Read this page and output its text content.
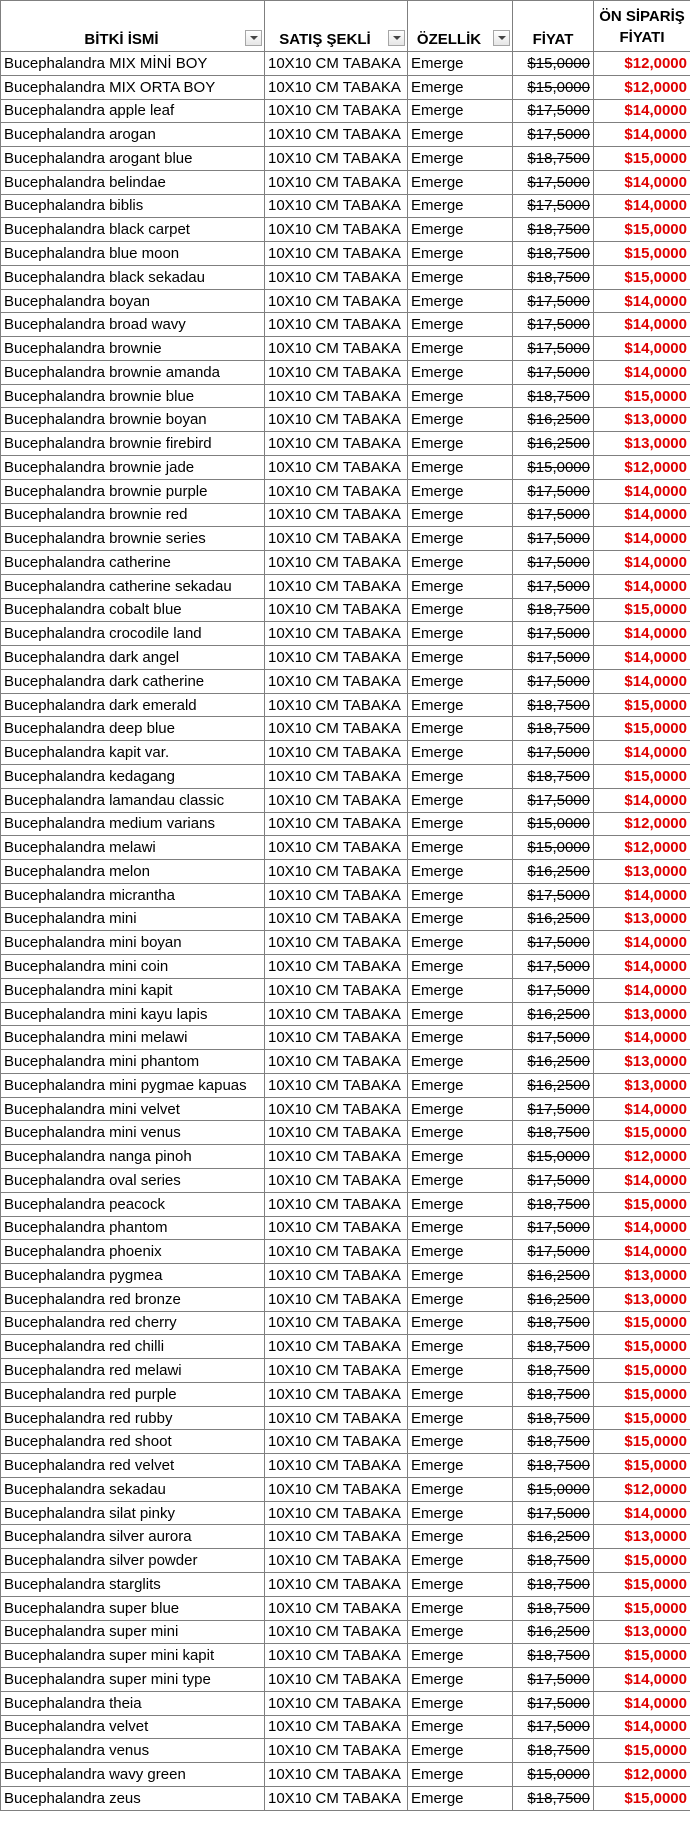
BİTKİ İSMİ	SATIŞ ŞEKLİ	ÖZELLİK	FİYAT	ÖN SİPARİŞ
FİYATI
Bucephalandra MIX MİNİ BOY	10X10 CM TABAKA	Emerge	$15,0000	$12,0000
Bucephalandra MIX ORTA BOY	10X10 CM TABAKA	Emerge	$15,0000	$12,0000
Bucephalandra apple leaf	10X10 CM TABAKA	Emerge	$17,5000	$14,0000
Bucephalandra arogan	10X10 CM TABAKA	Emerge	$17,5000	$14,0000
Bucephalandra arogant blue	10X10 CM TABAKA	Emerge	$18,7500	$15,0000
Bucephalandra belindae	10X10 CM TABAKA	Emerge	$17,5000	$14,0000
Bucephalandra biblis	10X10 CM TABAKA	Emerge	$17,5000	$14,0000
Bucephalandra black carpet	10X10 CM TABAKA	Emerge	$18,7500	$15,0000
Bucephalandra blue moon	10X10 CM TABAKA	Emerge	$18,7500	$15,0000
Bucephalandra black sekadau	10X10 CM TABAKA	Emerge	$18,7500	$15,0000
Bucephalandra boyan	10X10 CM TABAKA	Emerge	$17,5000	$14,0000
Bucephalandra broad wavy	10X10 CM TABAKA	Emerge	$17,5000	$14,0000
Bucephalandra brownie	10X10 CM TABAKA	Emerge	$17,5000	$14,0000
Bucephalandra brownie amanda	10X10 CM TABAKA	Emerge	$17,5000	$14,0000
Bucephalandra brownie blue	10X10 CM TABAKA	Emerge	$18,7500	$15,0000
Bucephalandra brownie boyan	10X10 CM TABAKA	Emerge	$16,2500	$13,0000
Bucephalandra brownie firebird	10X10 CM TABAKA	Emerge	$16,2500	$13,0000
Bucephalandra brownie jade	10X10 CM TABAKA	Emerge	$15,0000	$12,0000
Bucephalandra brownie purple	10X10 CM TABAKA	Emerge	$17,5000	$14,0000
Bucephalandra brownie red	10X10 CM TABAKA	Emerge	$17,5000	$14,0000
Bucephalandra brownie series	10X10 CM TABAKA	Emerge	$17,5000	$14,0000
Bucephalandra catherine	10X10 CM TABAKA	Emerge	$17,5000	$14,0000
Bucephalandra catherine sekadau	10X10 CM TABAKA	Emerge	$17,5000	$14,0000
Bucephalandra cobalt blue	10X10 CM TABAKA	Emerge	$18,7500	$15,0000
Bucephalandra crocodile land	10X10 CM TABAKA	Emerge	$17,5000	$14,0000
Bucephalandra dark angel	10X10 CM TABAKA	Emerge	$17,5000	$14,0000
Bucephalandra dark catherine	10X10 CM TABAKA	Emerge	$17,5000	$14,0000
Bucephalandra dark emerald	10X10 CM TABAKA	Emerge	$18,7500	$15,0000
Bucephalandra deep blue	10X10 CM TABAKA	Emerge	$18,7500	$15,0000
Bucephalandra kapit var.	10X10 CM TABAKA	Emerge	$17,5000	$14,0000
Bucephalandra kedagang	10X10 CM TABAKA	Emerge	$18,7500	$15,0000
Bucephalandra lamandau classic	10X10 CM TABAKA	Emerge	$17,5000	$14,0000
Bucephalandra medium varians	10X10 CM TABAKA	Emerge	$15,0000	$12,0000
Bucephalandra melawi	10X10 CM TABAKA	Emerge	$15,0000	$12,0000
Bucephalandra melon	10X10 CM TABAKA	Emerge	$16,2500	$13,0000
Bucephalandra micrantha	10X10 CM TABAKA	Emerge	$17,5000	$14,0000
Bucephalandra mini	10X10 CM TABAKA	Emerge	$16,2500	$13,0000
Bucephalandra mini boyan	10X10 CM TABAKA	Emerge	$17,5000	$14,0000
Bucephalandra mini coin	10X10 CM TABAKA	Emerge	$17,5000	$14,0000
Bucephalandra mini kapit	10X10 CM TABAKA	Emerge	$17,5000	$14,0000
Bucephalandra mini kayu lapis	10X10 CM TABAKA	Emerge	$16,2500	$13,0000
Bucephalandra mini melawi	10X10 CM TABAKA	Emerge	$17,5000	$14,0000
Bucephalandra mini phantom	10X10 CM TABAKA	Emerge	$16,2500	$13,0000
Bucephalandra mini pygmae kapuas	10X10 CM TABAKA	Emerge	$16,2500	$13,0000
Bucephalandra mini velvet	10X10 CM TABAKA	Emerge	$17,5000	$14,0000
Bucephalandra mini venus	10X10 CM TABAKA	Emerge	$18,7500	$15,0000
Bucephalandra nanga pinoh	10X10 CM TABAKA	Emerge	$15,0000	$12,0000
Bucephalandra oval series	10X10 CM TABAKA	Emerge	$17,5000	$14,0000
Bucephalandra peacock	10X10 CM TABAKA	Emerge	$18,7500	$15,0000
Bucephalandra phantom	10X10 CM TABAKA	Emerge	$17,5000	$14,0000
Bucephalandra phoenix	10X10 CM TABAKA	Emerge	$17,5000	$14,0000
Bucephalandra pygmea	10X10 CM TABAKA	Emerge	$16,2500	$13,0000
Bucephalandra red bronze	10X10 CM TABAKA	Emerge	$16,2500	$13,0000
Bucephalandra red cherry	10X10 CM TABAKA	Emerge	$18,7500	$15,0000
Bucephalandra red chilli	10X10 CM TABAKA	Emerge	$18,7500	$15,0000
Bucephalandra red melawi	10X10 CM TABAKA	Emerge	$18,7500	$15,0000
Bucephalandra red purple	10X10 CM TABAKA	Emerge	$18,7500	$15,0000
Bucephalandra red rubby	10X10 CM TABAKA	Emerge	$18,7500	$15,0000
Bucephalandra red shoot	10X10 CM TABAKA	Emerge	$18,7500	$15,0000
Bucephalandra red velvet	10X10 CM TABAKA	Emerge	$18,7500	$15,0000
Bucephalandra sekadau	10X10 CM TABAKA	Emerge	$15,0000	$12,0000
Bucephalandra silat pinky	10X10 CM TABAKA	Emerge	$17,5000	$14,0000
Bucephalandra silver aurora	10X10 CM TABAKA	Emerge	$16,2500	$13,0000
Bucephalandra silver powder	10X10 CM TABAKA	Emerge	$18,7500	$15,0000
Bucephalandra starglits	10X10 CM TABAKA	Emerge	$18,7500	$15,0000
Bucephalandra super blue	10X10 CM TABAKA	Emerge	$18,7500	$15,0000
Bucephalandra super mini	10X10 CM TABAKA	Emerge	$16,2500	$13,0000
Bucephalandra super mini kapit	10X10 CM TABAKA	Emerge	$18,7500	$15,0000
Bucephalandra super mini type	10X10 CM TABAKA	Emerge	$17,5000	$14,0000
Bucephalandra theia	10X10 CM TABAKA	Emerge	$17,5000	$14,0000
Bucephalandra velvet	10X10 CM TABAKA	Emerge	$17,5000	$14,0000
Bucephalandra venus	10X10 CM TABAKA	Emerge	$18,7500	$15,0000
Bucephalandra wavy green	10X10 CM TABAKA	Emerge	$15,0000	$12,0000
Bucephalandra zeus	10X10 CM TABAKA	Emerge	$18,7500	$15,0000
